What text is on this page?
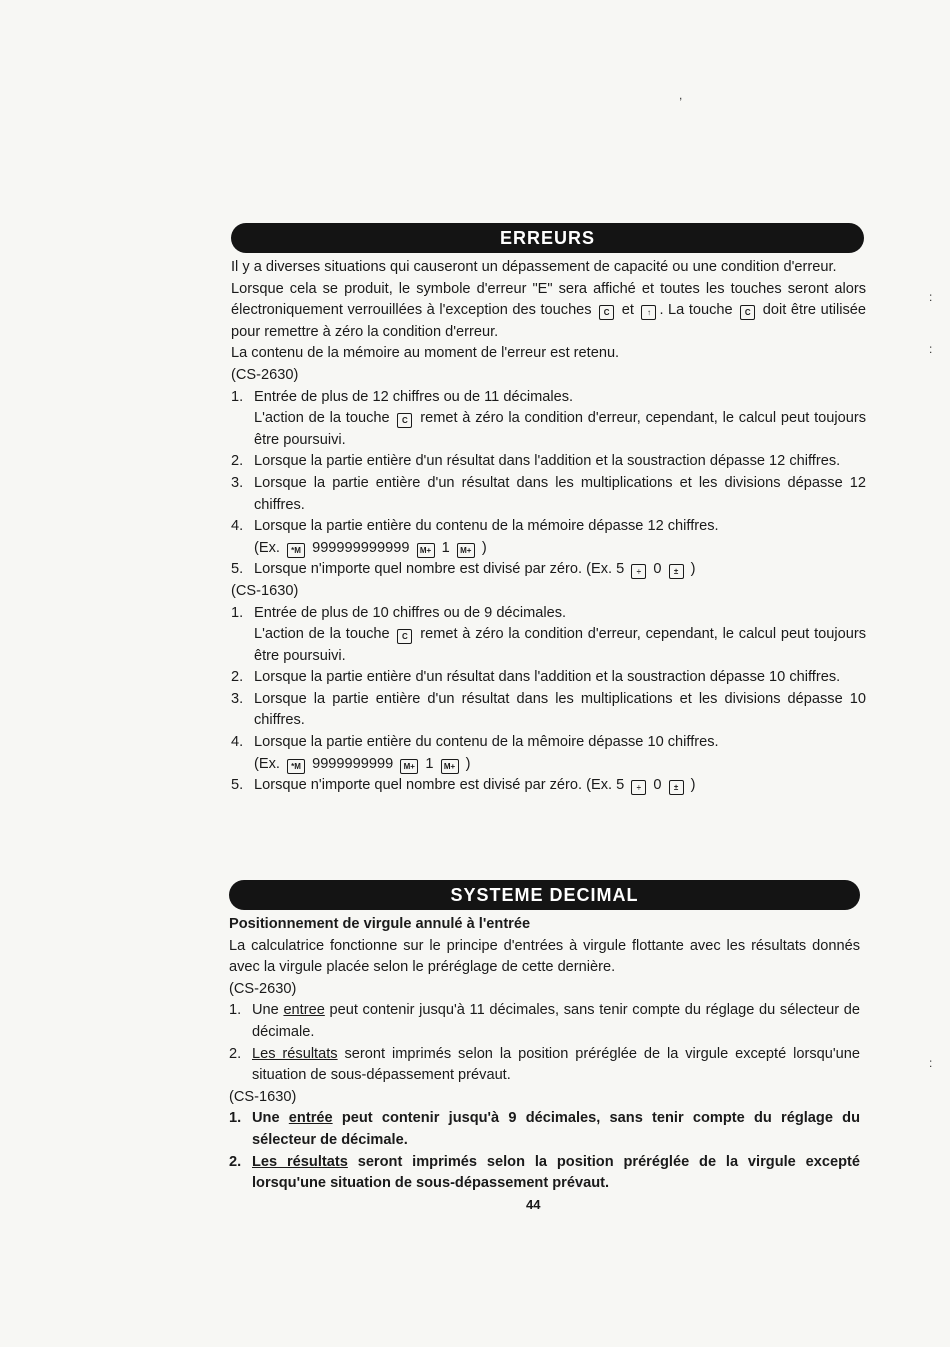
ERREURS

Il y a diverses situations qui causeront un dépassement de capacité ou une condition d'erreur.

Lorsque cela se produit, le symbole d'erreur "E" sera affiché et toutes les touches seront alors électroniquement verrouillées à l'exception des touches C et ↑ . La touche C doit être utilisée pour remettre à zéro la condition d'erreur.

La contenu de la mémoire au moment de l'erreur est retenu.

(CS-2630)

1. Entrée de plus de 12 chiffres ou de 11 décimales.
L'action de la touche C remet à zéro la condition d'erreur, cependant, le calcul peut toujours être poursuivi.
2. Lorsque la partie entière d'un résultat dans l'addition et la soustraction dépasse 12 chiffres.
3. Lorsque la partie entière d'un résultat dans les multiplications et les divisions dépasse 12 chiffres.
4. Lorsque la partie entière du contenu de la mémoire dépasse 12 chiffres.
(Ex. *M 999999999999 M+ 1 M+ )
5. Lorsque n'importe quel nombre est divisé par zéro. (Ex. 5 ÷ 0 ± )

(CS-1630)

1. Entrée de plus de 10 chiffres ou de 9 décimales.
L'action de la touche C remet à zéro la condition d'erreur, cependant, le calcul peut toujours être poursuivi.
2. Lorsque la partie entière d'un résultat dans l'addition et la soustraction dépasse 10 chiffres.
3. Lorsque la partie entière d'un résultat dans les multiplications et les divisions dépasse 10 chiffres.
4. Lorsque la partie entière du contenu de la mêmoire dépasse 10 chiffres.
(Ex. *M 9999999999 M+ 1 M+ )
5. Lorsque n'importe quel nombre est divisé par zéro. (Ex. 5 ÷ 0 ± )
SYSTEME DECIMAL

Positionnement de virgule annulé à l'entrée

La calculatrice fonctionne sur le principe d'entrées à virgule flottante avec les résultats donnés avec la virgule placée selon le préréglage de cette dernière.

(CS-2630)

1. Une entree peut contenir jusqu'à 11 décimales, sans tenir compte du réglage du sélecteur de décimale.
2. Les résultats seront imprimés selon la position préréglée de la virgule excepté lorsqu'une situation de sous-dépassement prévaut.

(CS-1630)

1. Une entrée peut contenir jusqu'à 9 décimales, sans tenir compte du réglage du sélecteur de décimale.
2. Les résultats seront imprimés selon la position préréglée de la virgule excepté lorsqu'une situation de sous-dépassement prévaut.
44
,
:
:
:
